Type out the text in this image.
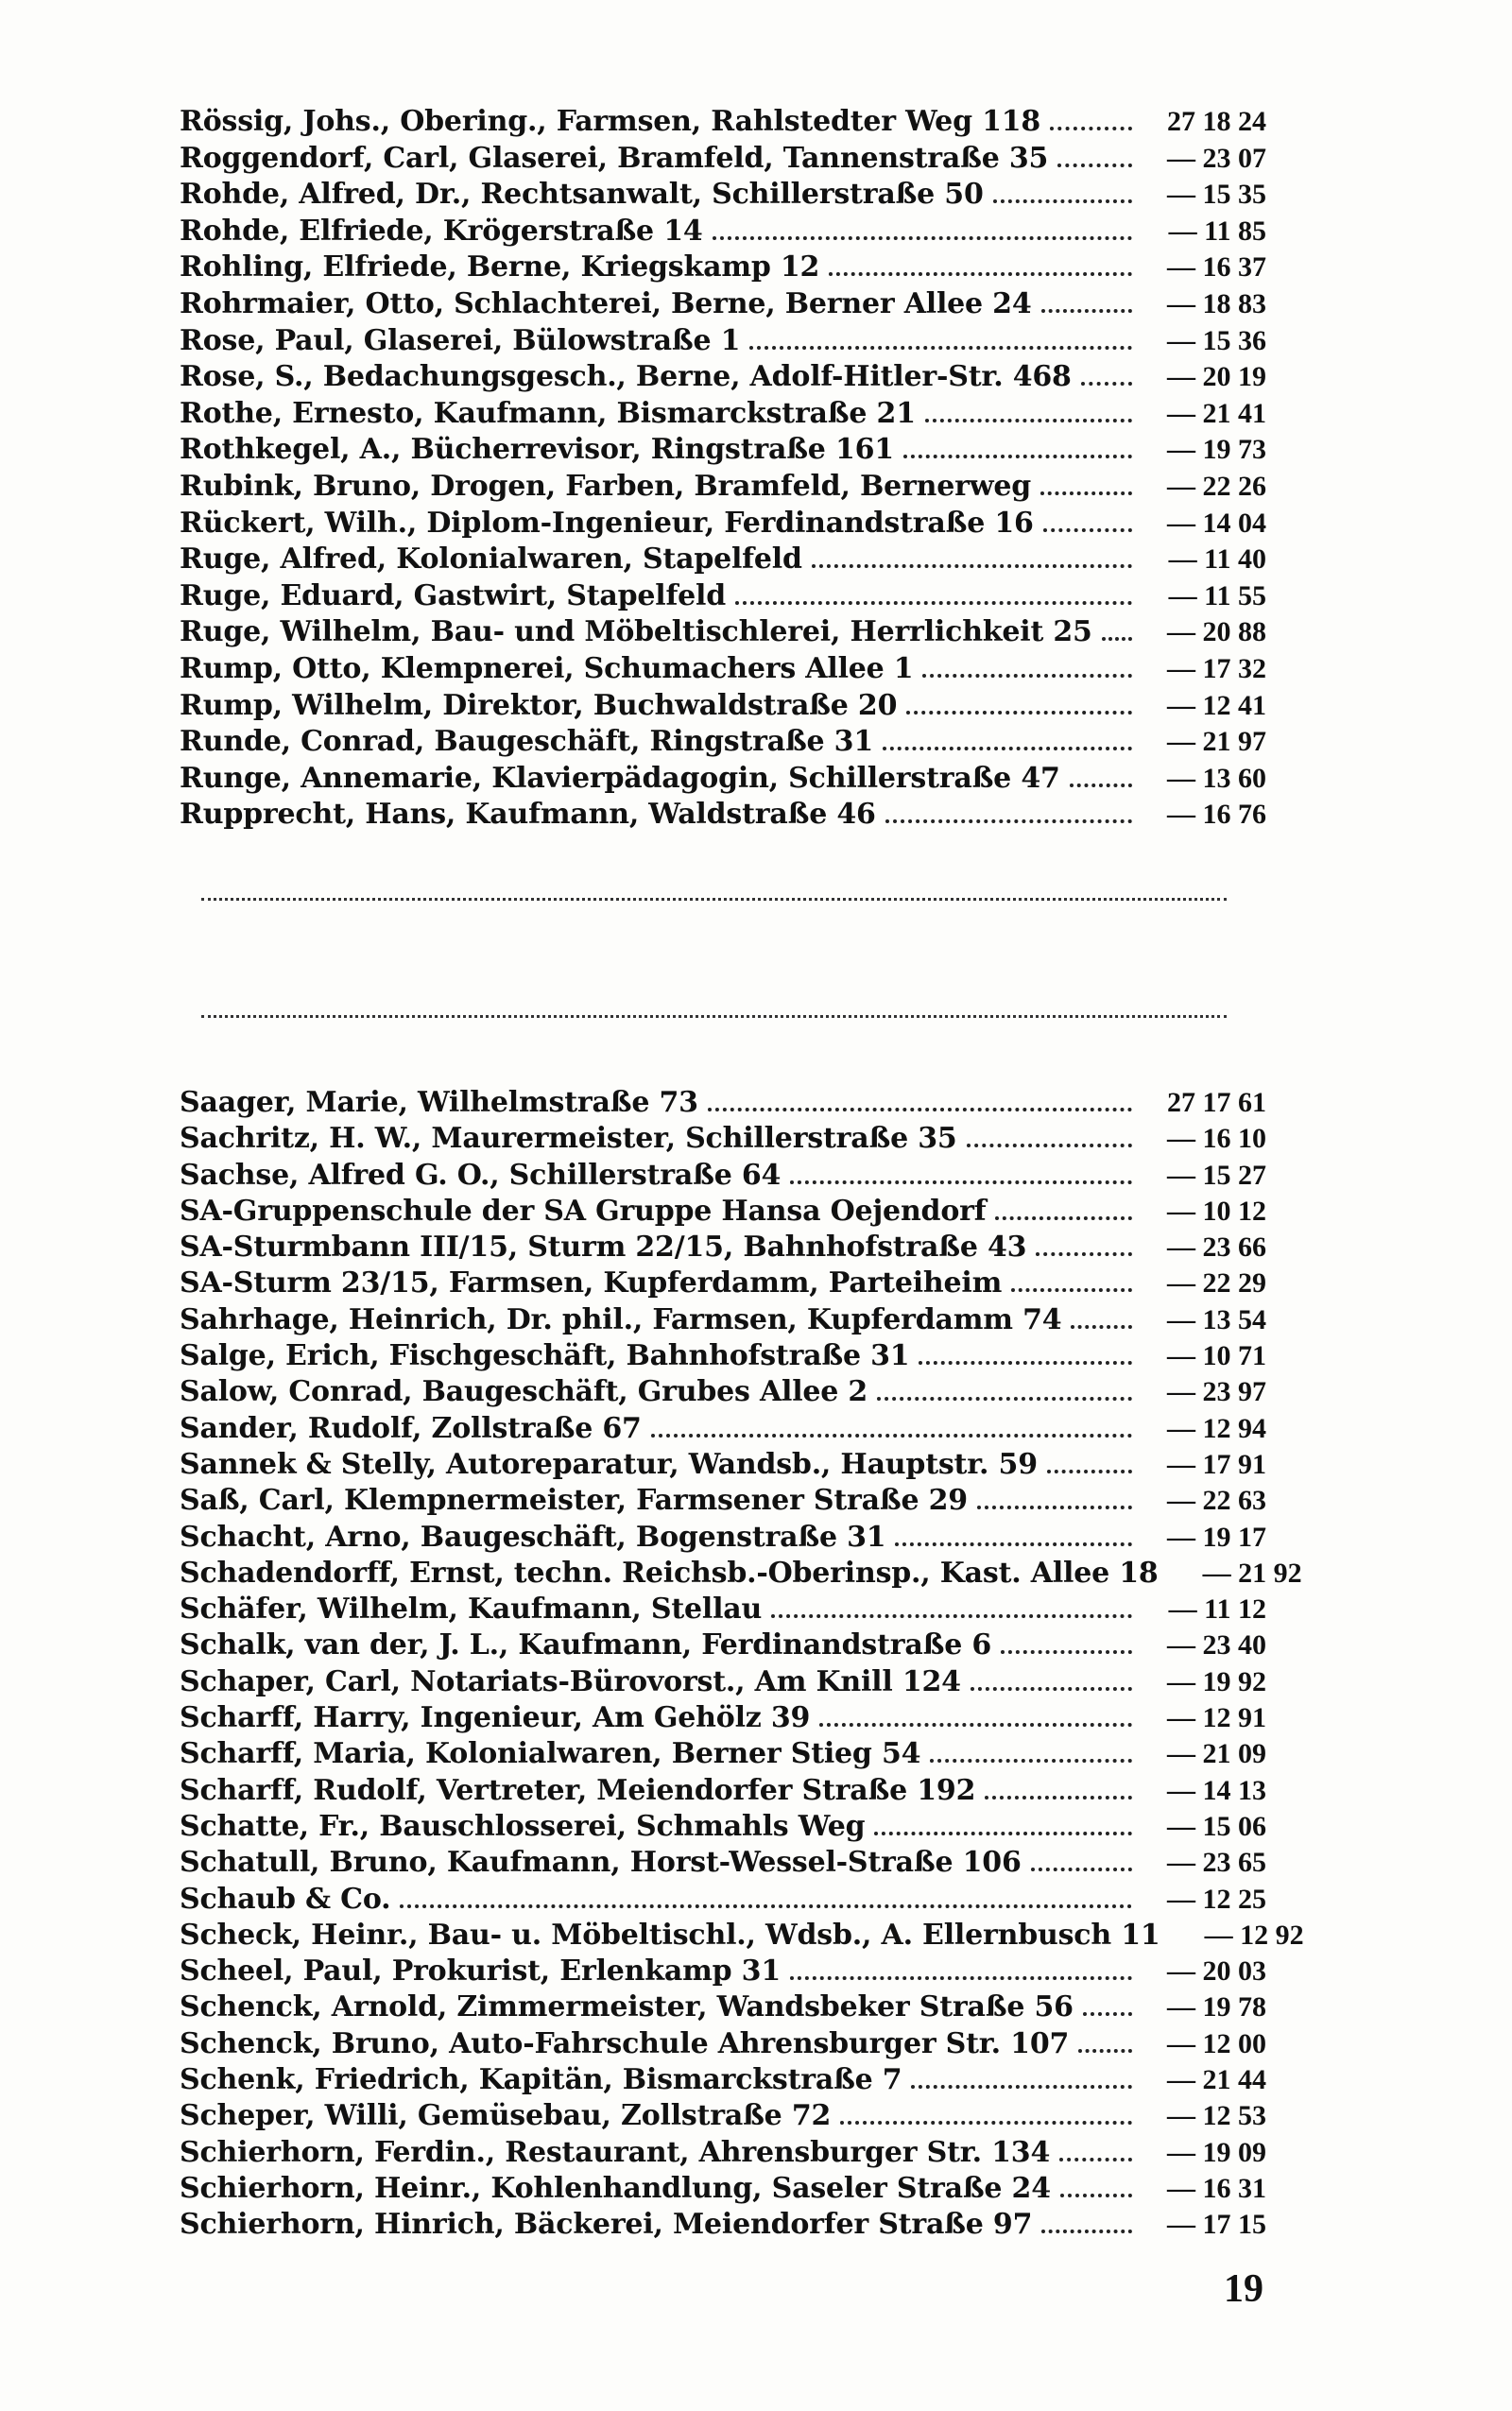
Rössig, Johs., Obering., Farmsen, Rahlstedter Weg 118	27 18 24
Roggendorf, Carl, Glaserei, Bramfeld, Tannenstraße 35	— 23 07
Rohde, Alfred, Dr., Rechtsanwalt, Schillerstraße 50	— 15 35
Rohde, Elfriede, Krögerstraße 14	— 11 85
Rohling, Elfriede, Berne, Kriegskamp 12	— 16 37
Rohrmaier, Otto, Schlachterei, Berne, Berner Allee 24	— 18 83
Rose, Paul, Glaserei, Bülowstraße 1	— 15 36
Rose, S., Bedachungsgesch., Berne, Adolf-Hitler-Str. 468	— 20 19
Rothe, Ernesto, Kaufmann, Bismarckstraße 21	— 21 41
Rothkegel, A., Bücherrevisor, Ringstraße 161	— 19 73
Rubink, Bruno, Drogen, Farben, Bramfeld, Bernerweg	— 22 26
Rückert, Wilh., Diplom-Ingenieur, Ferdinandstraße 16	— 14 04
Ruge, Alfred, Kolonialwaren, Stapelfeld	— 11 40
Ruge, Eduard, Gastwirt, Stapelfeld	— 11 55
Ruge, Wilhelm, Bau- und Möbeltischlerei, Herrlichkeit 25	— 20 88
Rump, Otto, Klempnerei, Schumachers Allee 1	— 17 32
Rump, Wilhelm, Direktor, Buchwaldstraße 20	— 12 41
Runde, Conrad, Baugeschäft, Ringstraße 31	— 21 97
Runge, Annemarie, Klavierpädagogin, Schillerstraße 47	— 13 60
Rupprecht, Hans, Kaufmann, Waldstraße 46	— 16 76
Saager, Marie, Wilhelmstraße 73	27 17 61
Sachritz, H. W., Maurermeister, Schillerstraße 35	— 16 10
Sachse, Alfred G. O., Schillerstraße 64	— 15 27
SA-Gruppenschule der SA Gruppe Hansa Oejendorf	— 10 12
SA-Sturmbann III/15, Sturm 22/15, Bahnhofstraße 43	— 23 66
SA-Sturm 23/15, Farmsen, Kupferdamm, Parteiheim	— 22 29
Sahrhage, Heinrich, Dr. phil., Farmsen, Kupferdamm 74	— 13 54
Salge, Erich, Fischgeschäft, Bahnhofstraße 31	— 10 71
Salow, Conrad, Baugeschäft, Grubes Allee 2	— 23 97
Sander, Rudolf, Zollstraße 67	— 12 94
Sannek & Stelly, Autoreparatur, Wandsb., Hauptstr. 59	— 17 91
Saß, Carl, Klempnermeister, Farmsener Straße 29	— 22 63
Schacht, Arno, Baugeschäft, Bogenstraße 31	— 19 17
Schadendorff, Ernst, techn. Reichsb.-Oberinsp., Kast. Allee 18	— 21 92
Schäfer, Wilhelm, Kaufmann, Stellau	— 11 12
Schalk, van der, J. L., Kaufmann, Ferdinandstraße 6	— 23 40
Schaper, Carl, Notariats-Bürovorst., Am Knill 124	— 19 92
Scharff, Harry, Ingenieur, Am Gehölz 39	— 12 91
Scharff, Maria, Kolonialwaren, Berner Stieg 54	— 21 09
Scharff, Rudolf, Vertreter, Meiendorfer Straße 192	— 14 13
Schatte, Fr., Bauschlosserei, Schmahls Weg	— 15 06
Schatull, Bruno, Kaufmann, Horst-Wessel-Straße 106	— 23 65
Schaub & Co.	— 12 25
Scheck, Heinr., Bau- u. Möbeltischl., Wdsb., A. Ellernbusch 11	— 12 92
Scheel, Paul, Prokurist, Erlenkamp 31	— 20 03
Schenck, Arnold, Zimmermeister, Wandsbeker Straße 56	— 19 78
Schenck, Bruno, Auto-Fahrschule Ahrensburger Str. 107	— 12 00
Schenk, Friedrich, Kapitän, Bismarckstraße 7	— 21 44
Scheper, Willi, Gemüsebau, Zollstraße 72	— 12 53
Schierhorn, Ferdin., Restaurant, Ahrensburger Str. 134	— 19 09
Schierhorn, Heinr., Kohlenhandlung, Saseler Straße 24	— 16 31
Schierhorn, Hinrich, Bäckerei, Meiendorfer Straße 97	— 17 15
19
